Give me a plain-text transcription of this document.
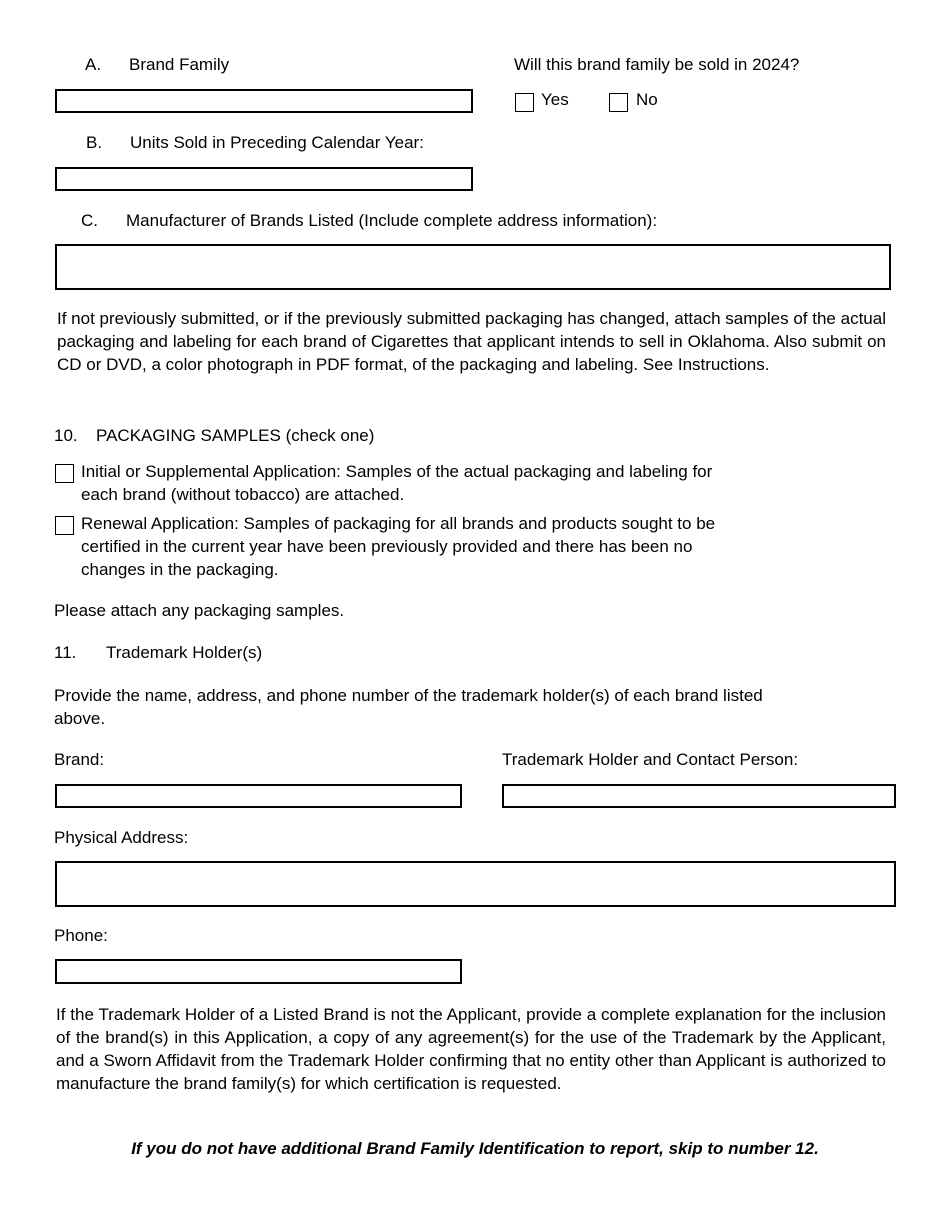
A. Brand Family	Will this brand family be sold in 2024?
Yes	No
B. Units Sold in Preceding Calendar Year:
C. Manufacturer of Brands Listed (Include complete address information):
If not previously submitted, or if the previously submitted packaging has changed, attach samples of the actual packaging and labeling for each brand of Cigarettes that applicant intends to sell in Oklahoma. Also submit on CD or DVD, a color photograph in PDF format, of the packaging and labeling. See Instructions.
10. PACKAGING SAMPLES (check one)
Initial or Supplemental Application: Samples of the actual packaging and labeling for
each brand (without tobacco) are attached.
Renewal Application: Samples of packaging for all brands and products sought to be
certified in the current year have been previously provided and there has been no
changes in the packaging.
Please attach any packaging samples.
11. Trademark Holder(s)
Provide the name, address, and phone number of the trademark holder(s) of each brand listed
above.
Brand:	Trademark Holder and Contact Person:
Physical Address:
Phone:
If the Trademark Holder of a Listed Brand is not the Applicant, provide a complete explanation for the inclusion of the brand(s) in this Application, a copy of any agreement(s) for the use of the Trademark by the Applicant, and a Sworn Affidavit from the Trademark Holder confirming that no entity other than Applicant is authorized to manufacture the brand family(s) for which certification is requested.
If you do not have additional Brand Family Identification to report, skip to number 12.
